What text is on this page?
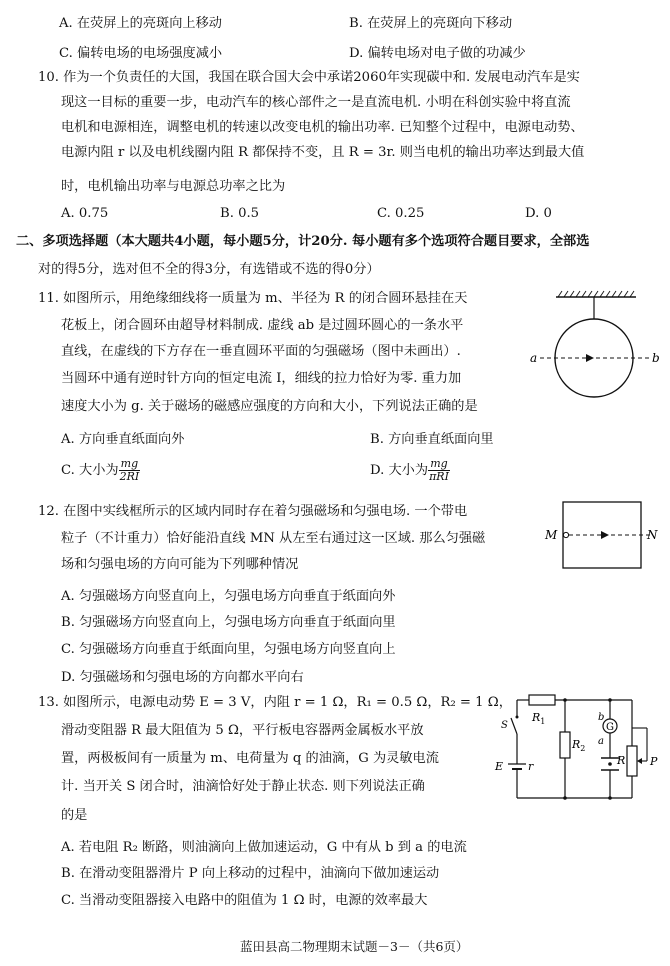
A. 在荧屏上的亮斑向上移动	B. 在荧屏上的亮斑向下移动
C. 偏转电场的电场强度减小	D. 偏转电场对电子做的功减少
10. 作为一个负责任的大国，我国在联合国大会中承诺2060年实现碳中和. 发展电动汽车是实
现这一目标的重要一步，电动汽车的核心部件之一是直流电机. 小明在科创实验中将直流
电机和电源相连，调整电机的转速以改变电机的输出功率. 已知整个过程中，电源电动势、
电源内阻 r 以及电机线圈内阻 R 都保持不变，且 R = 3r. 则当电机的输出功率达到最大值
时，电机输出功率与电源总功率之比为
A. 0.75	B. 0.5	C. 0.25	D. 0
二、多项选择题（本大题共4小题，每小题5分，计20分. 每小题有多个选项符合题目要求，全部选
对的得5分，选对但不全的得3分，有选错或不选的得0分）
11. 如图所示，用绝缘细线将一质量为 m、半径为 R 的闭合圆环悬挂在天
花板上，闭合圆环由超导材料制成. 虚线 ab 是过圆环圆心的一条水平
直线，在虚线的下方存在一垂直圆环平面的匀强磁场（图中未画出）.
当圆环中通有逆时针方向的恒定电流 I，细线的拉力恰好为零. 重力加
速度大小为 g. 关于磁场的磁感应强度的方向和大小，下列说法正确的是
A. 方向垂直纸面向外	B. 方向垂直纸面向里
C. 大小为 $\frac{mg}{2RI}$	D. 大小为 $\frac{mg}{\text{πRI}}$
a	b
12. 在图中实线框所示的区域内同时存在着匀强磁场和匀强电场. 一个带电
粒子（不计重力）恰好能沿直线 MN 从左至右通过这一区域. 那么匀强磁
场和匀强电场的方向可能为下列哪种情况
A. 匀强磁场方向竖直向上，匀强电场方向垂直于纸面向外
B. 匀强磁场方向竖直向上，匀强电场方向垂直于纸面向里
C. 匀强磁场方向垂直于纸面向里，匀强电场方向竖直向上
D. 匀强磁场和匀强电场的方向都水平向右
M	N
13. 如图所示，电源电动势 E = 3 V，内阻 r = 1 Ω，R₁ = 0.5 Ω，R₂ = 1 Ω，
滑动变阻器 R 最大阻值为 5 Ω，平行板电容器两金属板水平放
置，两极板间有一质量为 m、电荷量为 q 的油滴，G 为灵敏电流
计. 当开关 S 闭合时，油滴恰好处于静止状态. 则下列说法正确
的是
A. 若电阻 R₂ 断路，则油滴向上做加速运动，G 中有从 b 到 a 的电流
B. 在滑动变阻器滑片 P 向上移动的过程中，油滴向下做加速运动
C. 当滑动变阻器接入电路中的阻值为 1 Ω 时，电源的效率最大
$R_1$
S
E r
$R_2$
G
b
a
R P
蓝田县高二物理期末试题－3－（共6页）
